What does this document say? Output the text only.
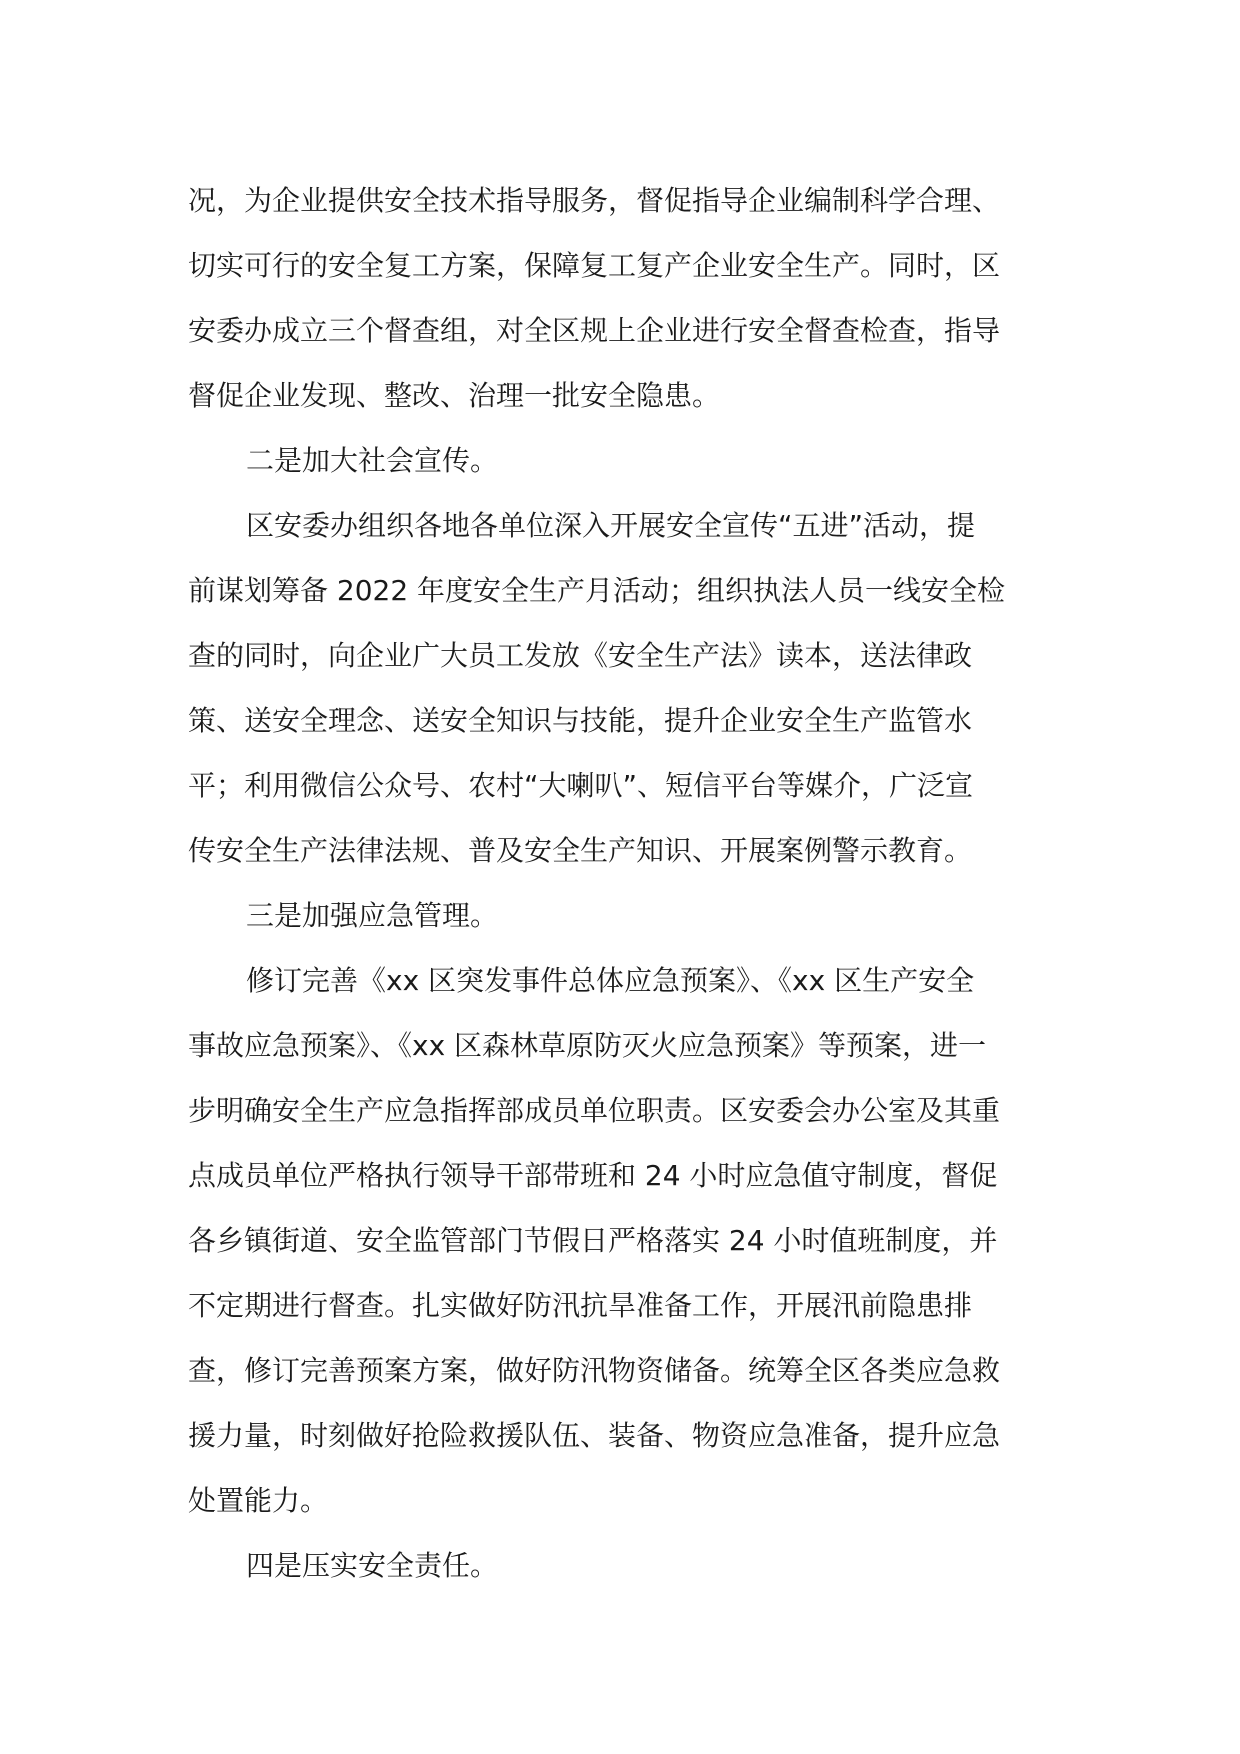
况，为企业提供安全技术指导服务，督促指导企业编制科学合理、
切实可行的安全复工方案，保障复工复产企业安全生产。同时，区
安委办成立三个督查组，对全区规上企业进行安全督查检查，指导
督促企业发现、整改、治理一批安全隐患。
二是加大社会宣传。
区安委办组织各地各单位深入开展安全宣传“五进”活动，提
前谋划筹备 2022 年度安全生产月活动；组织执法人员一线安全检
查的同时，向企业广大员工发放《安全生产法》读本，送法律政
策、送安全理念、送安全知识与技能，提升企业安全生产监管水
平；利用微信公众号、农村“大喇叭”、短信平台等媒介，广泛宣
传安全生产法律法规、普及安全生产知识、开展案例警示教育。
三是加强应急管理。
修订完善《xx 区突发事件总体应急预案》、《xx 区生产安全
事故应急预案》、《xx 区森林草原防灭火应急预案》等预案，进一
步明确安全生产应急指挥部成员单位职责。区安委会办公室及其重
点成员单位严格执行领导干部带班和 24 小时应急值守制度，督促
各乡镇街道、安全监管部门节假日严格落实 24 小时值班制度，并
不定期进行督查。扎实做好防汛抗旱准备工作，开展汛前隐患排
查，修订完善预案方案，做好防汛物资储备。统筹全区各类应急救
援力量，时刻做好抢险救援队伍、装备、物资应急准备，提升应急
处置能力。
四是压实安全责任。
